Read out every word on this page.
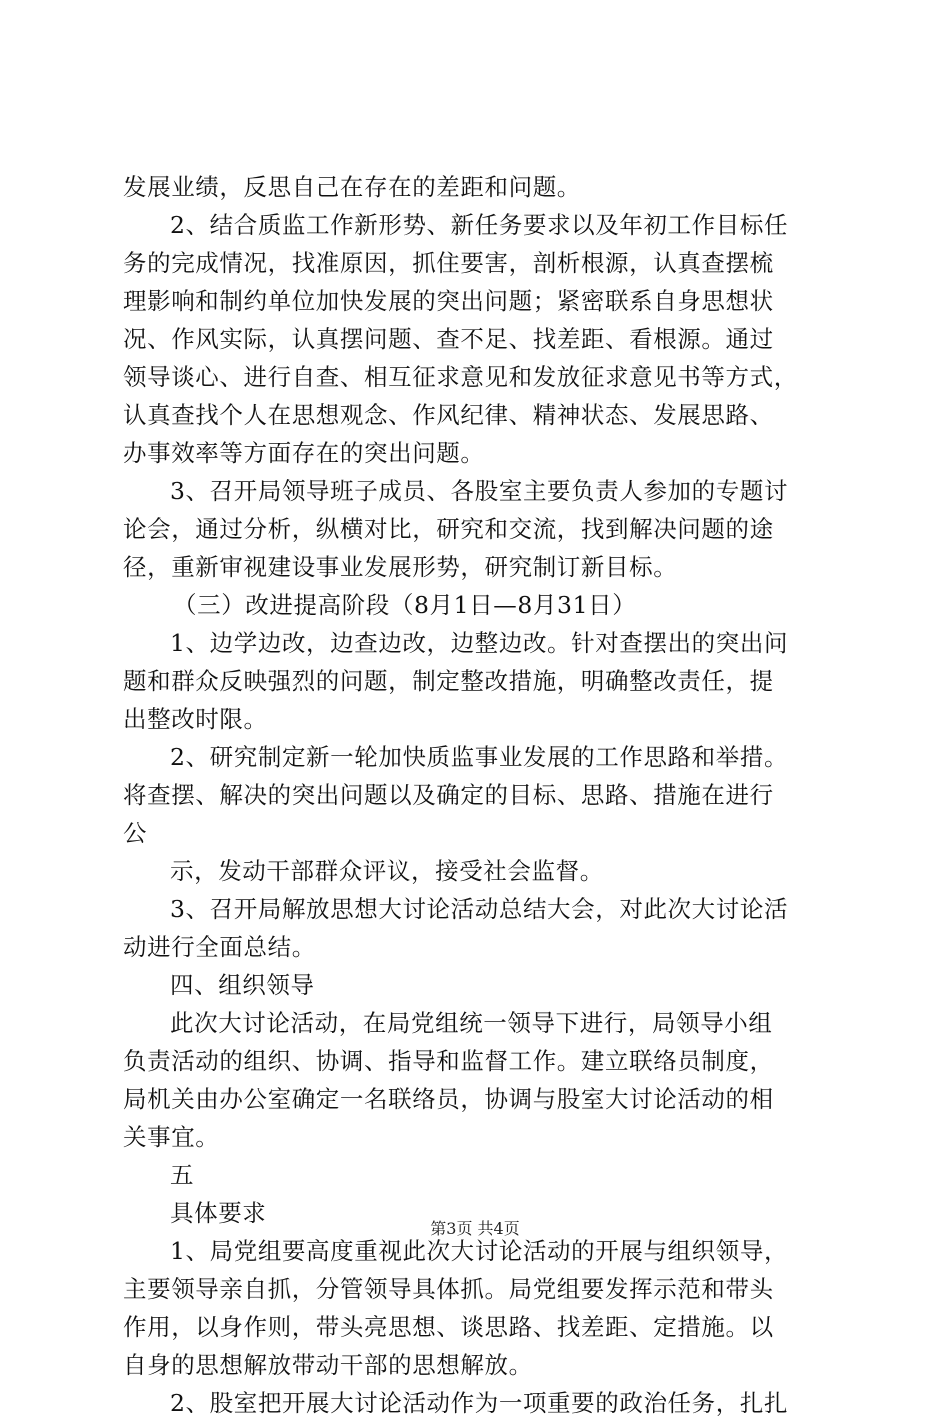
发展业绩，反思自己在存在的差距和问题。
2、结合质监工作新形势、新任务要求以及年初工作目标任
务的完成情况，找准原因，抓住要害，剖析根源，认真查摆梳
理影响和制约单位加快发展的突出问题；紧密联系自身思想状
况、作风实际，认真摆问题、查不足、找差距、看根源。通过
领导谈心、进行自查、相互征求意见和发放征求意见书等方式，
认真查找个人在思想观念、作风纪律、精神状态、发展思路、
办事效率等方面存在的突出问题。
3、召开局领导班子成员、各股室主要负责人参加的专题讨
论会，通过分析，纵横对比，研究和交流，找到解决问题的途
径，重新审视建设事业发展形势，研究制订新目标。
（三）改进提高阶段（8月1日—8月31日）
1、边学边改，边查边改，边整边改。针对查摆出的突出问
题和群众反映强烈的问题，制定整改措施，明确整改责任，提
出整改时限。
2、研究制定新一轮加快质监事业发展的工作思路和举措。
将查摆、解决的突出问题以及确定的目标、思路、措施在进行
公
示，发动干部群众评议，接受社会监督。
3、召开局解放思想大讨论活动总结大会，对此次大讨论活
动进行全面总结。
四、组织领导
此次大讨论活动，在局党组统一领导下进行，局领导小组
负责活动的组织、协调、指导和监督工作。建立联络员制度，
局机关由办公室确定一名联络员，协调与股室大讨论活动的相
关事宜。
五
具体要求
1、局党组要高度重视此次大讨论活动的开展与组织领导，
主要领导亲自抓，分管领导具体抓。局党组要发挥示范和带头
作用，以身作则，带头亮思想、谈思路、找差距、定措施。以
自身的思想解放带动干部的思想解放。
2、股室把开展大讨论活动作为一项重要的政治任务，扎扎
第3页 共4页
